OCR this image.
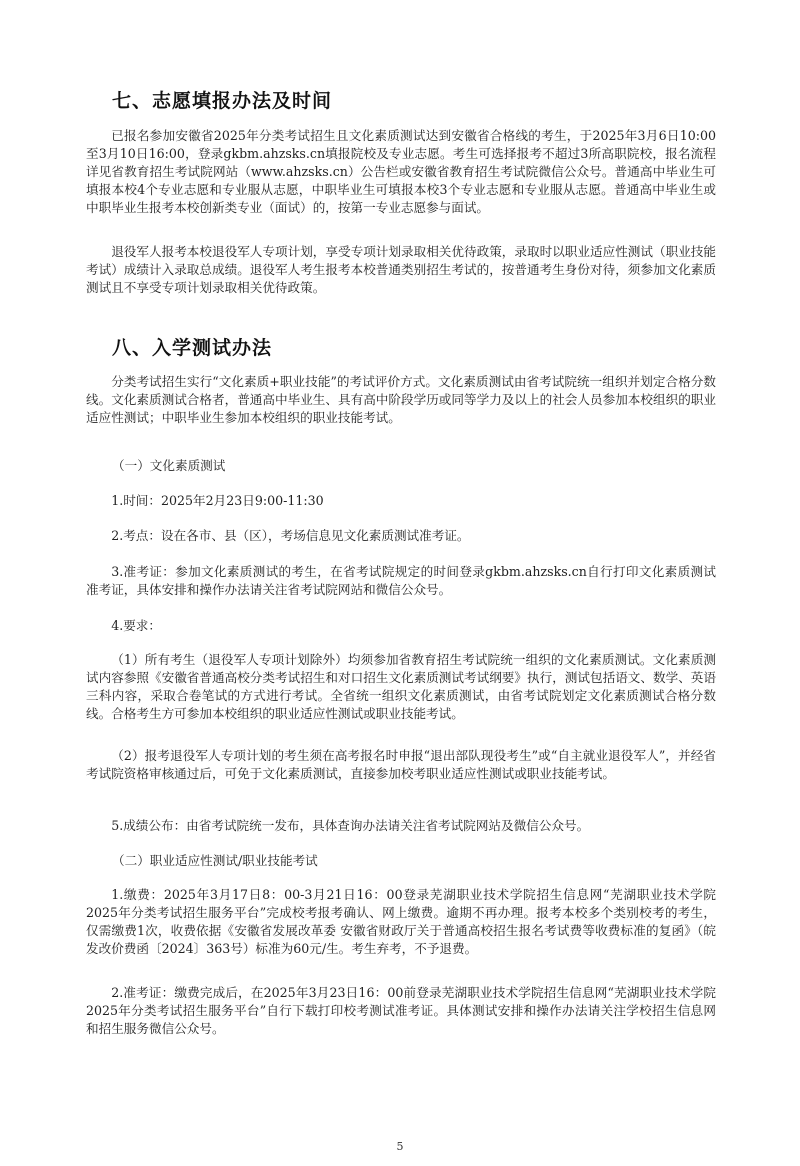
七、志愿填报办法及时间

已报名参加安徽省2025年分类考试招生且文化素质测试达到安徽省合格线的考生，于2025年3月6日10:00至3月10日16:00，登录gkbm.ahzsks.cn填报院校及专业志愿。考生可选择报考不超过3所高职院校，报名流程详见省教育招生考试院网站（www.ahzsks.cn）公告栏或安徽省教育招生考试院微信公众号。普通高中毕业生可填报本校4个专业志愿和专业服从志愿，中职毕业生可填报本校3个专业志愿和专业服从志愿。普通高中毕业生或中职毕业生报考本校创新类专业（面试）的，按第一专业志愿参与面试。

退役军人报考本校退役军人专项计划，享受专项计划录取相关优待政策，录取时以职业适应性测试（职业技能考试）成绩计入录取总成绩。退役军人考生报考本校普通类别招生考试的，按普通考生身份对待，须参加文化素质测试且不享受专项计划录取相关优待政策。

八、入学测试办法

分类考试招生实行“文化素质+职业技能”的考试评价方式。文化素质测试由省考试院统一组织并划定合格分数线。文化素质测试合格者，普通高中毕业生、具有高中阶段学历或同等学力及以上的社会人员参加本校组织的职业适应性测试；中职毕业生参加本校组织的职业技能考试。

（一）文化素质测试

1.时间：2025年2月23日9:00-11:30

2.考点：设在各市、县（区），考场信息见文化素质测试准考证。

3.准考证：参加文化素质测试的考生，在省考试院规定的时间登录gkbm.ahzsks.cn自行打印文化素质测试准考证，具体安排和操作办法请关注省考试院网站和微信公众号。

4.要求：

（1）所有考生（退役军人专项计划除外）均须参加省教育招生考试院统一组织的文化素质测试。文化素质测试内容参照《安徽省普通高校分类考试招生和对口招生文化素质测试考试纲要》执行，测试包括语文、数学、英语三科内容，采取合卷笔试的方式进行考试。全省统一组织文化素质测试，由省考试院划定文化素质测试合格分数线。合格考生方可参加本校组织的职业适应性测试或职业技能考试。

（2）报考退役军人专项计划的考生须在高考报名时申报“退出部队现役考生”或“自主就业退役军人”，并经省考试院资格审核通过后，可免于文化素质测试，直接参加校考职业适应性测试或职业技能考试。

5.成绩公布：由省考试院统一发布，具体查询办法请关注省考试院网站及微信公众号。

（二）职业适应性测试/职业技能考试

1.缴费：2025年3月17日8：00-3月21日16：00登录芜湖职业技术学院招生信息网“芜湖职业技术学院2025年分类考试招生服务平台”完成校考报考确认、网上缴费。逾期不再办理。报考本校多个类别校考的考生，仅需缴费1次，收费依据《安徽省发展改革委 安徽省财政厅关于普通高校招生报名考试费等收费标准的复函》（皖发改价费函〔2024〕363号）标准为60元/生。考生弃考，不予退费。

2.准考证：缴费完成后，在2025年3月23日16：00前登录芜湖职业技术学院招生信息网“芜湖职业技术学院2025年分类考试招生服务平台”自行下载打印校考测试准考证。具体测试安排和操作办法请关注学校招生信息网和招生服务微信公众号。

5
